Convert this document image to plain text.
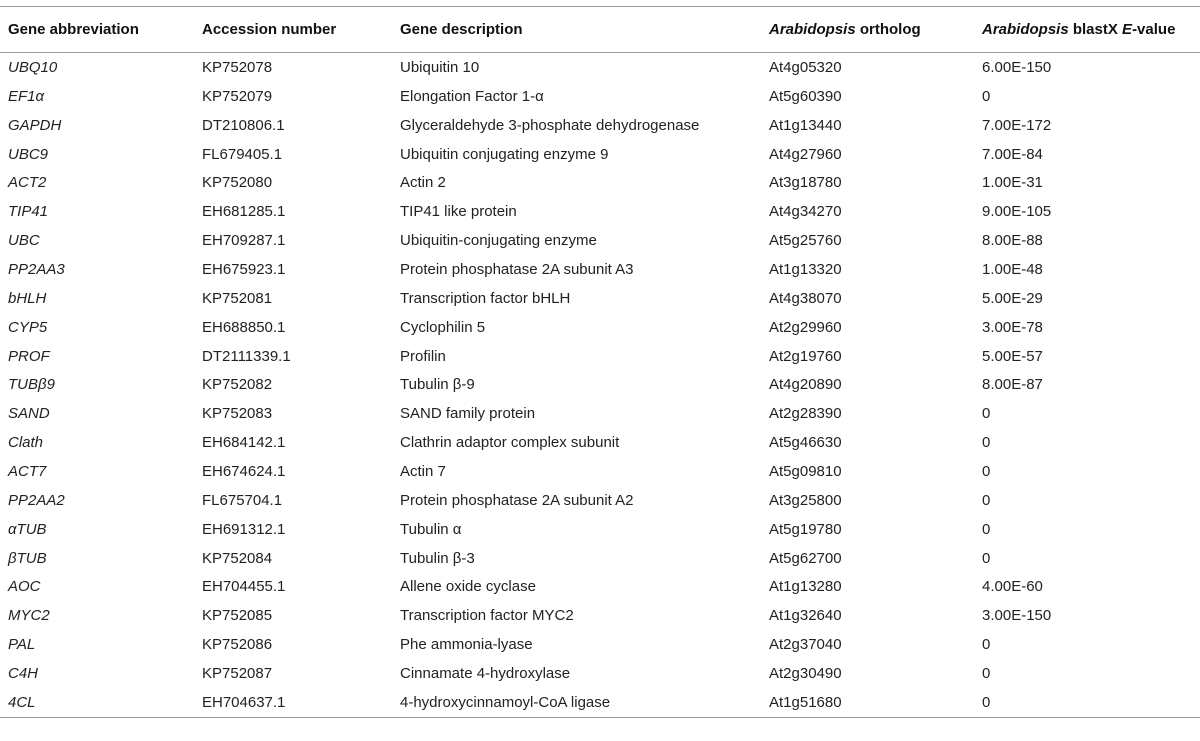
Gene abbreviation	Accession number	Gene description	Arabidopsis ortholog	Arabidopsis blastX E-value
UBQ10	KP752078	Ubiquitin 10	At4g05320	6.00E-150
EF1α	KP752079	Elongation Factor 1-α	At5g60390	0
GAPDH	DT210806.1	Glyceraldehyde 3-phosphate dehydrogenase	At1g13440	7.00E-172
UBC9	FL679405.1	Ubiquitin conjugating enzyme 9	At4g27960	7.00E-84
ACT2	KP752080	Actin 2	At3g18780	1.00E-31
TIP41	EH681285.1	TIP41 like protein	At4g34270	9.00E-105
UBC	EH709287.1	Ubiquitin-conjugating enzyme	At5g25760	8.00E-88
PP2AA3	EH675923.1	Protein phosphatase 2A subunit A3	At1g13320	1.00E-48
bHLH	KP752081	Transcription factor bHLH	At4g38070	5.00E-29
CYP5	EH688850.1	Cyclophilin 5	At2g29960	3.00E-78
PROF	DT2111339.1	Profilin	At2g19760	5.00E-57
TUBβ9	KP752082	Tubulin β-9	At4g20890	8.00E-87
SAND	KP752083	SAND family protein	At2g28390	0
Clath	EH684142.1	Clathrin adaptor complex subunit	At5g46630	0
ACT7	EH674624.1	Actin 7	At5g09810	0
PP2AA2	FL675704.1	Protein phosphatase 2A subunit A2	At3g25800	0
αTUB	EH691312.1	Tubulin α	At5g19780	0
βTUB	KP752084	Tubulin β-3	At5g62700	0
AOC	EH704455.1	Allene oxide cyclase	At1g13280	4.00E-60
MYC2	KP752085	Transcription factor MYC2	At1g32640	3.00E-150
PAL	KP752086	Phe ammonia-lyase	At2g37040	0
C4H	KP752087	Cinnamate 4-hydroxylase	At2g30490	0
4CL	EH704637.1	4-hydroxycinnamoyl-CoA ligase	At1g51680	0
